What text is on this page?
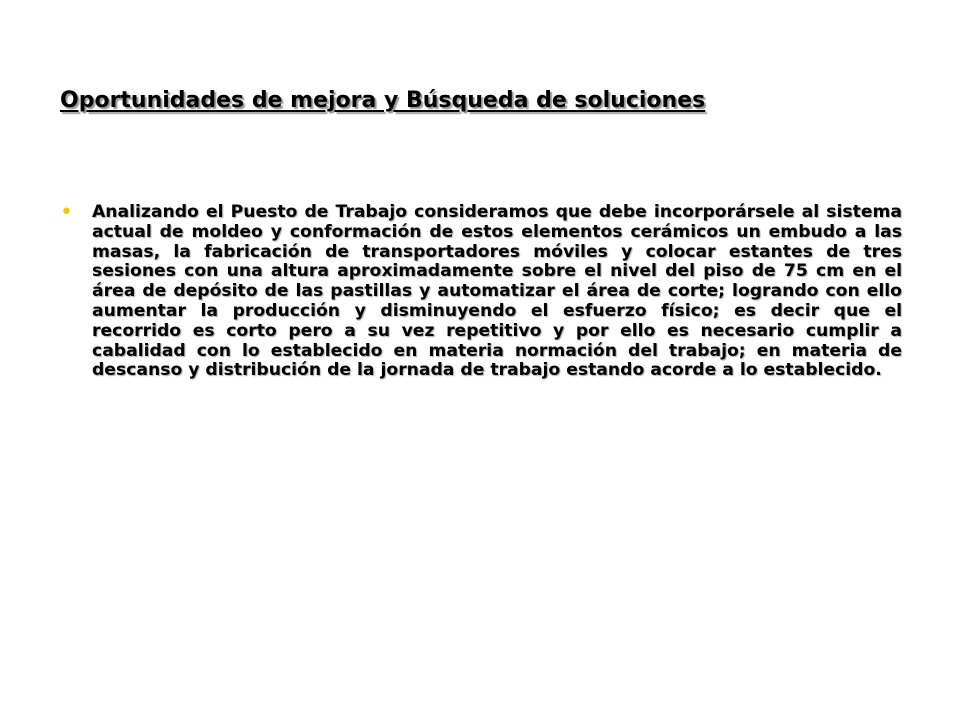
Oportunidades de mejora y Búsqueda de soluciones
• Analizando el Puesto de Trabajo consideramos que debe incorporársele al sistema actual de moldeo y conformación de estos elementos cerámicos un embudo a las masas, la fabricación de transportadores móviles y colocar estantes de tres sesiones con una altura aproximadamente sobre el nivel del piso de 75 cm en el área de depósito de las pastillas y automatizar el área de corte; logrando con ello aumentar la producción y disminuyendo el esfuerzo físico; es decir que el recorrido es corto pero a su vez repetitivo y por ello es necesario cumplir a cabalidad con lo establecido en materia normación del trabajo; en materia de descanso y distribución de la jornada de trabajo estando acorde a lo establecido.
